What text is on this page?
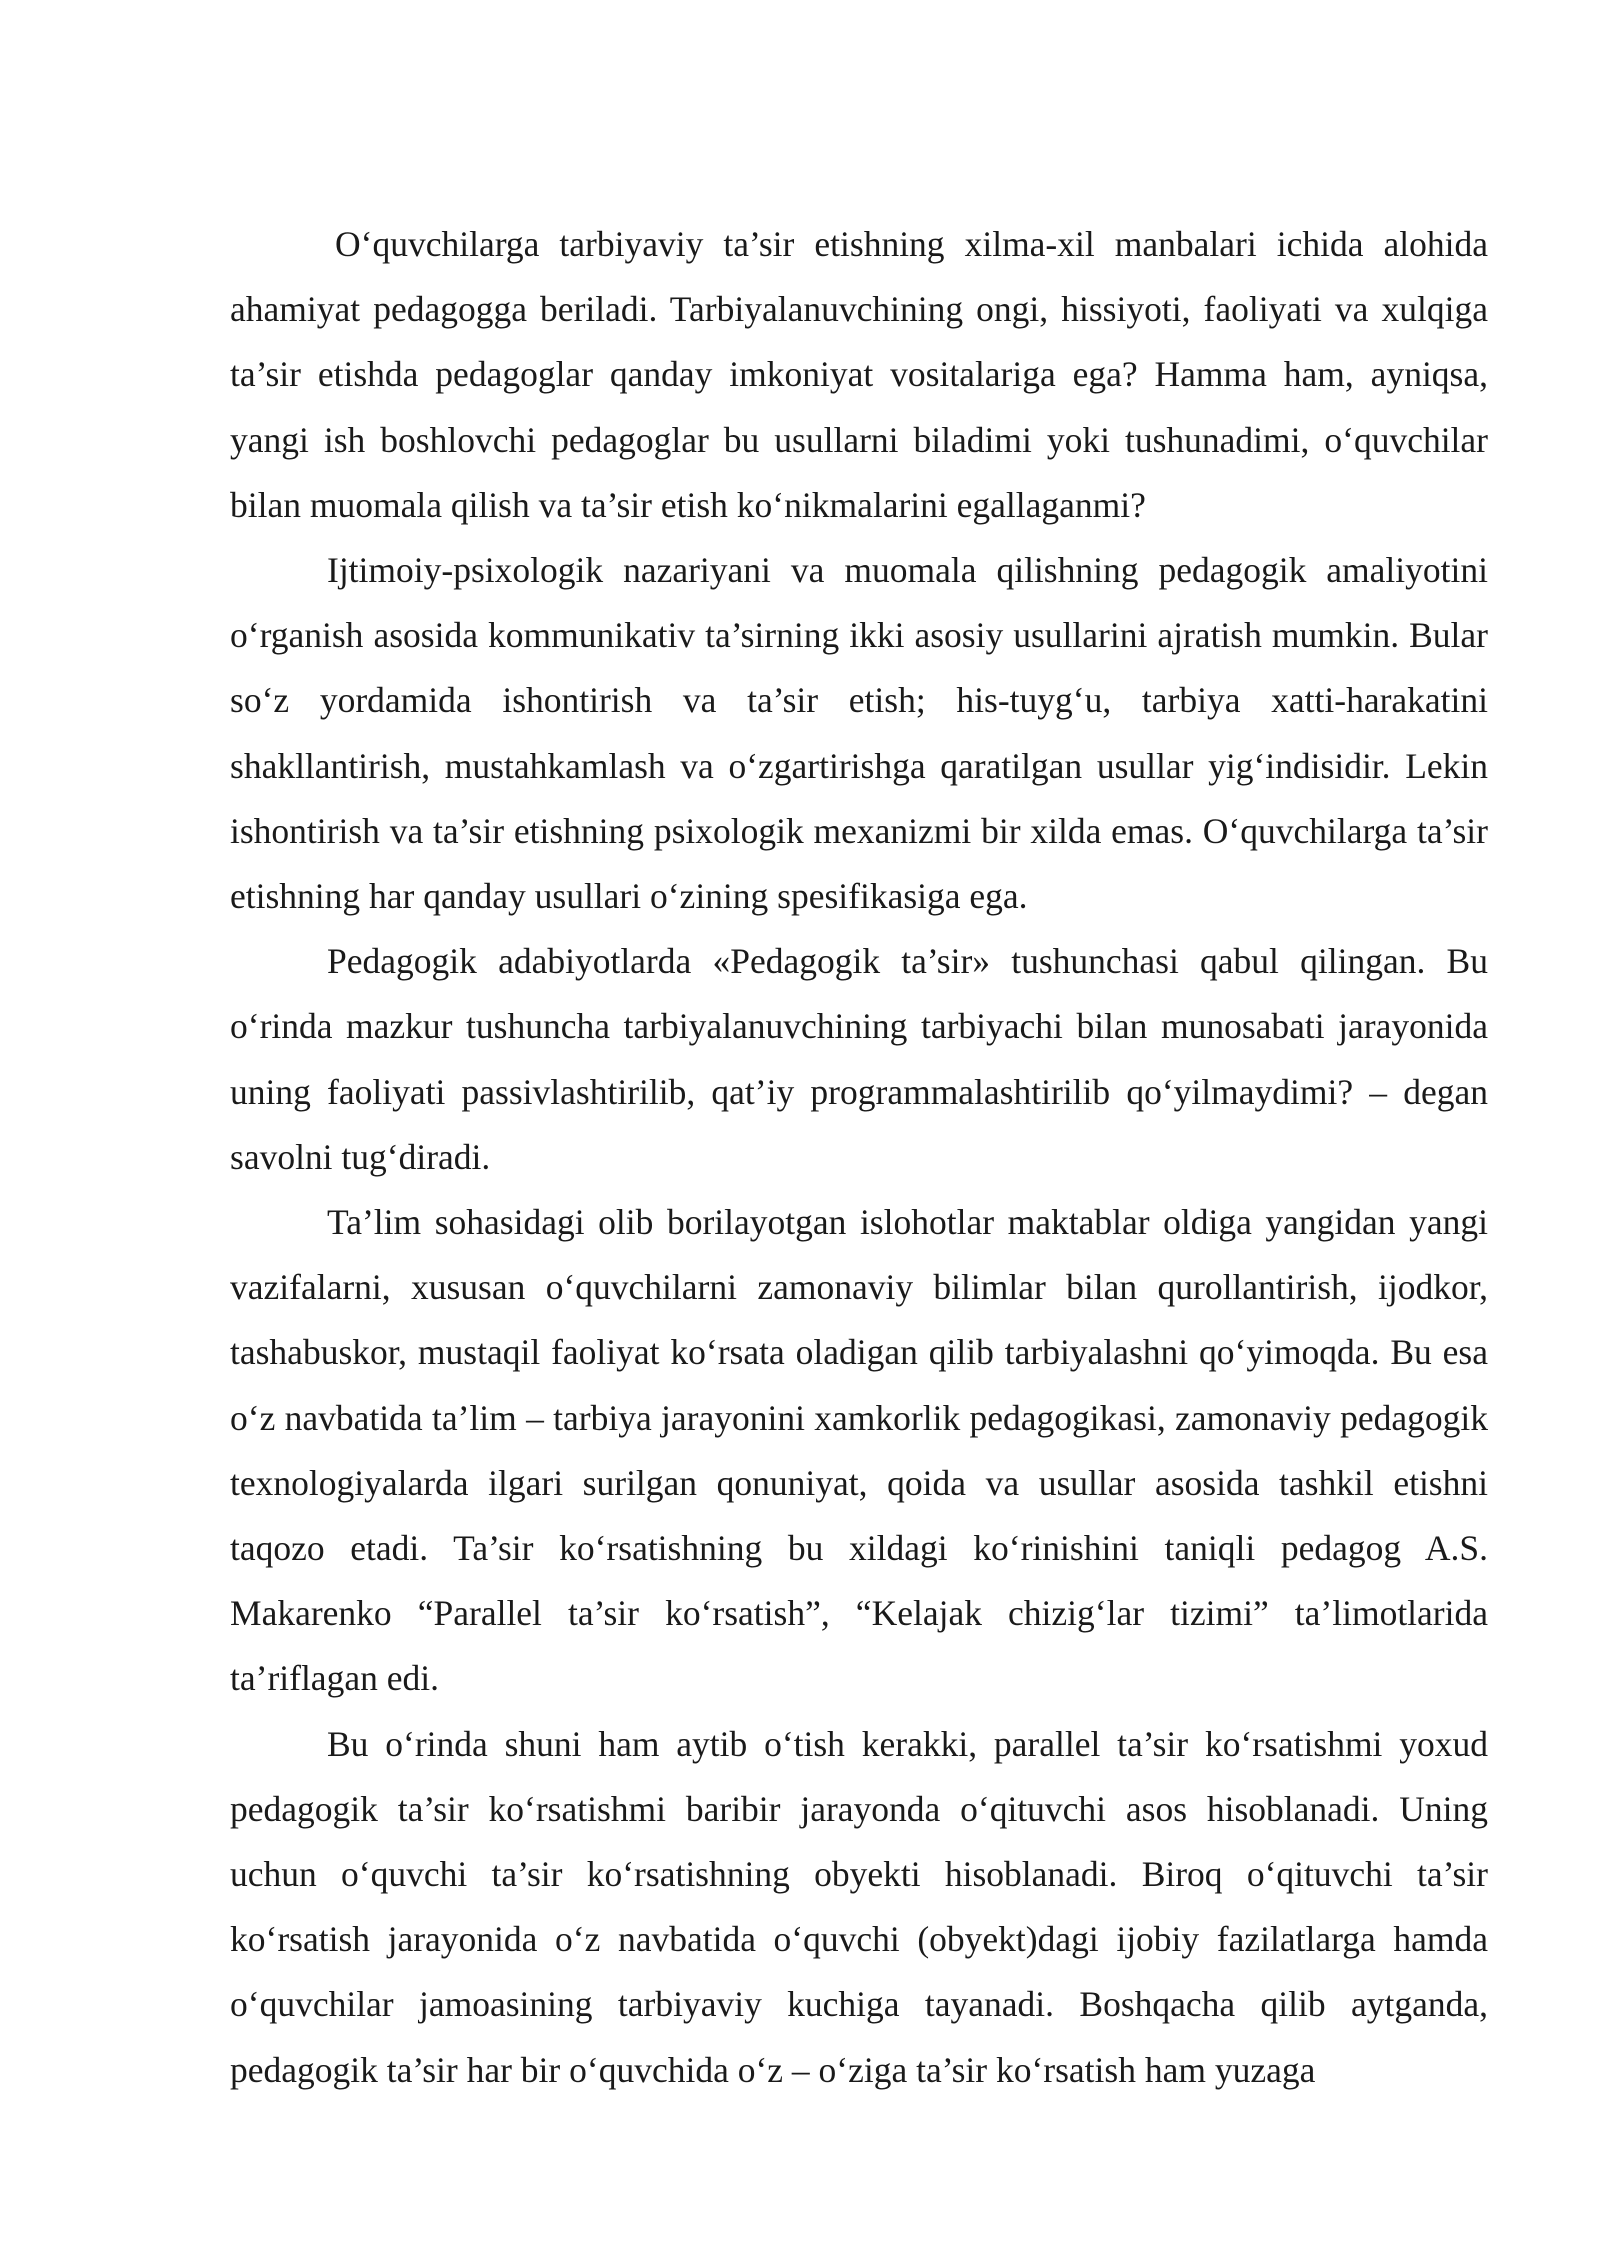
O‘quvchilarga tarbiyaviy ta’sir etishning xilma-xil manbalari ichida alohida ahamiyat pedagogga beriladi. Tarbiyalanuvchining ongi, hissiyoti, faoliyati va xulqiga ta’sir etishda pedagoglar qanday imkoniyat vositalariga ega? Hamma ham, ayniqsa, yangi ish boshlovchi pedagoglar bu usullarni biladimi yoki tushunadimi, o‘quvchilar bilan muomala qilish va ta’sir etish ko‘nikmalarini egallaganmi?

Ijtimoiy-psixologik nazariyani va muomala qilishning pedagogik amaliyotini o‘rganish asosida kommunikativ ta’sirning ikki asosiy usullarini ajratish mumkin. Bular so‘z yordamida ishontirish va ta’sir etish; his-tuyg‘u, tarbiya xatti-harakatini shakllantirish, mustahkamlash va o‘zgartirishga qaratilgan usullar yig‘indisidir. Lekin ishontirish va ta’sir etishning psixologik mexanizmi bir xilda emas. O‘quvchilarga ta’sir etishning har qanday usullari o‘zining spesifikasiga ega.

Pedagogik adabiyotlarda «Pedagogik ta’sir» tushunchasi qabul qilingan. Bu o‘rinda mazkur tushuncha tarbiyalanuvchining tarbiyachi bilan munosabati jarayonida uning faoliyati passivlashtirilib, qat’iy programmalashtirilib qo‘yilmaydimi? – degan savolni tug‘diradi.

Ta’lim sohasidagi olib borilayotgan islohotlar maktablar oldiga yangidan yangi vazifalarni, xususan o‘quvchilarni zamonaviy bilimlar bilan qurollantirish, ijodkor, tashabuskor, mustaqil faoliyat ko‘rsata oladigan qilib tarbiyalashni qo‘yimoqda. Bu esa o‘z navbatida ta’lim – tarbiya jarayonini xamkorlik pedagogikasi, zamonaviy pedagogik texnologiyalarda ilgari surilgan qonuniyat, qoida va usullar asosida tashkil etishni taqozo etadi. Ta’sir ko‘rsatishning bu xildagi ko‘rinishini taniqli pedagog A.S. Makarenko “Parallel ta’sir ko‘rsatish”, “Kelajak chizig‘lar tizimi” ta’limotlarida ta’riflagan edi.

Bu o‘rinda shuni ham aytib o‘tish kerakki, parallel ta’sir ko‘rsatishmi yoxud pedagogik ta’sir ko‘rsatishmi baribir jarayonda o‘qituvchi asos hisoblanadi. Uning uchun o‘quvchi ta’sir ko‘rsatishning obyekti hisoblanadi. Biroq o‘qituvchi ta’sir ko‘rsatish jarayonida o‘z navbatida o‘quvchi (obyekt)dagi ijobiy fazilatlarga hamda o‘quvchilar jamoasining tarbiyaviy kuchiga tayanadi. Boshqacha qilib aytganda, pedagogik ta’sir har bir o‘quvchida o‘z – o‘ziga ta’sir ko‘rsatish ham yuzaga
